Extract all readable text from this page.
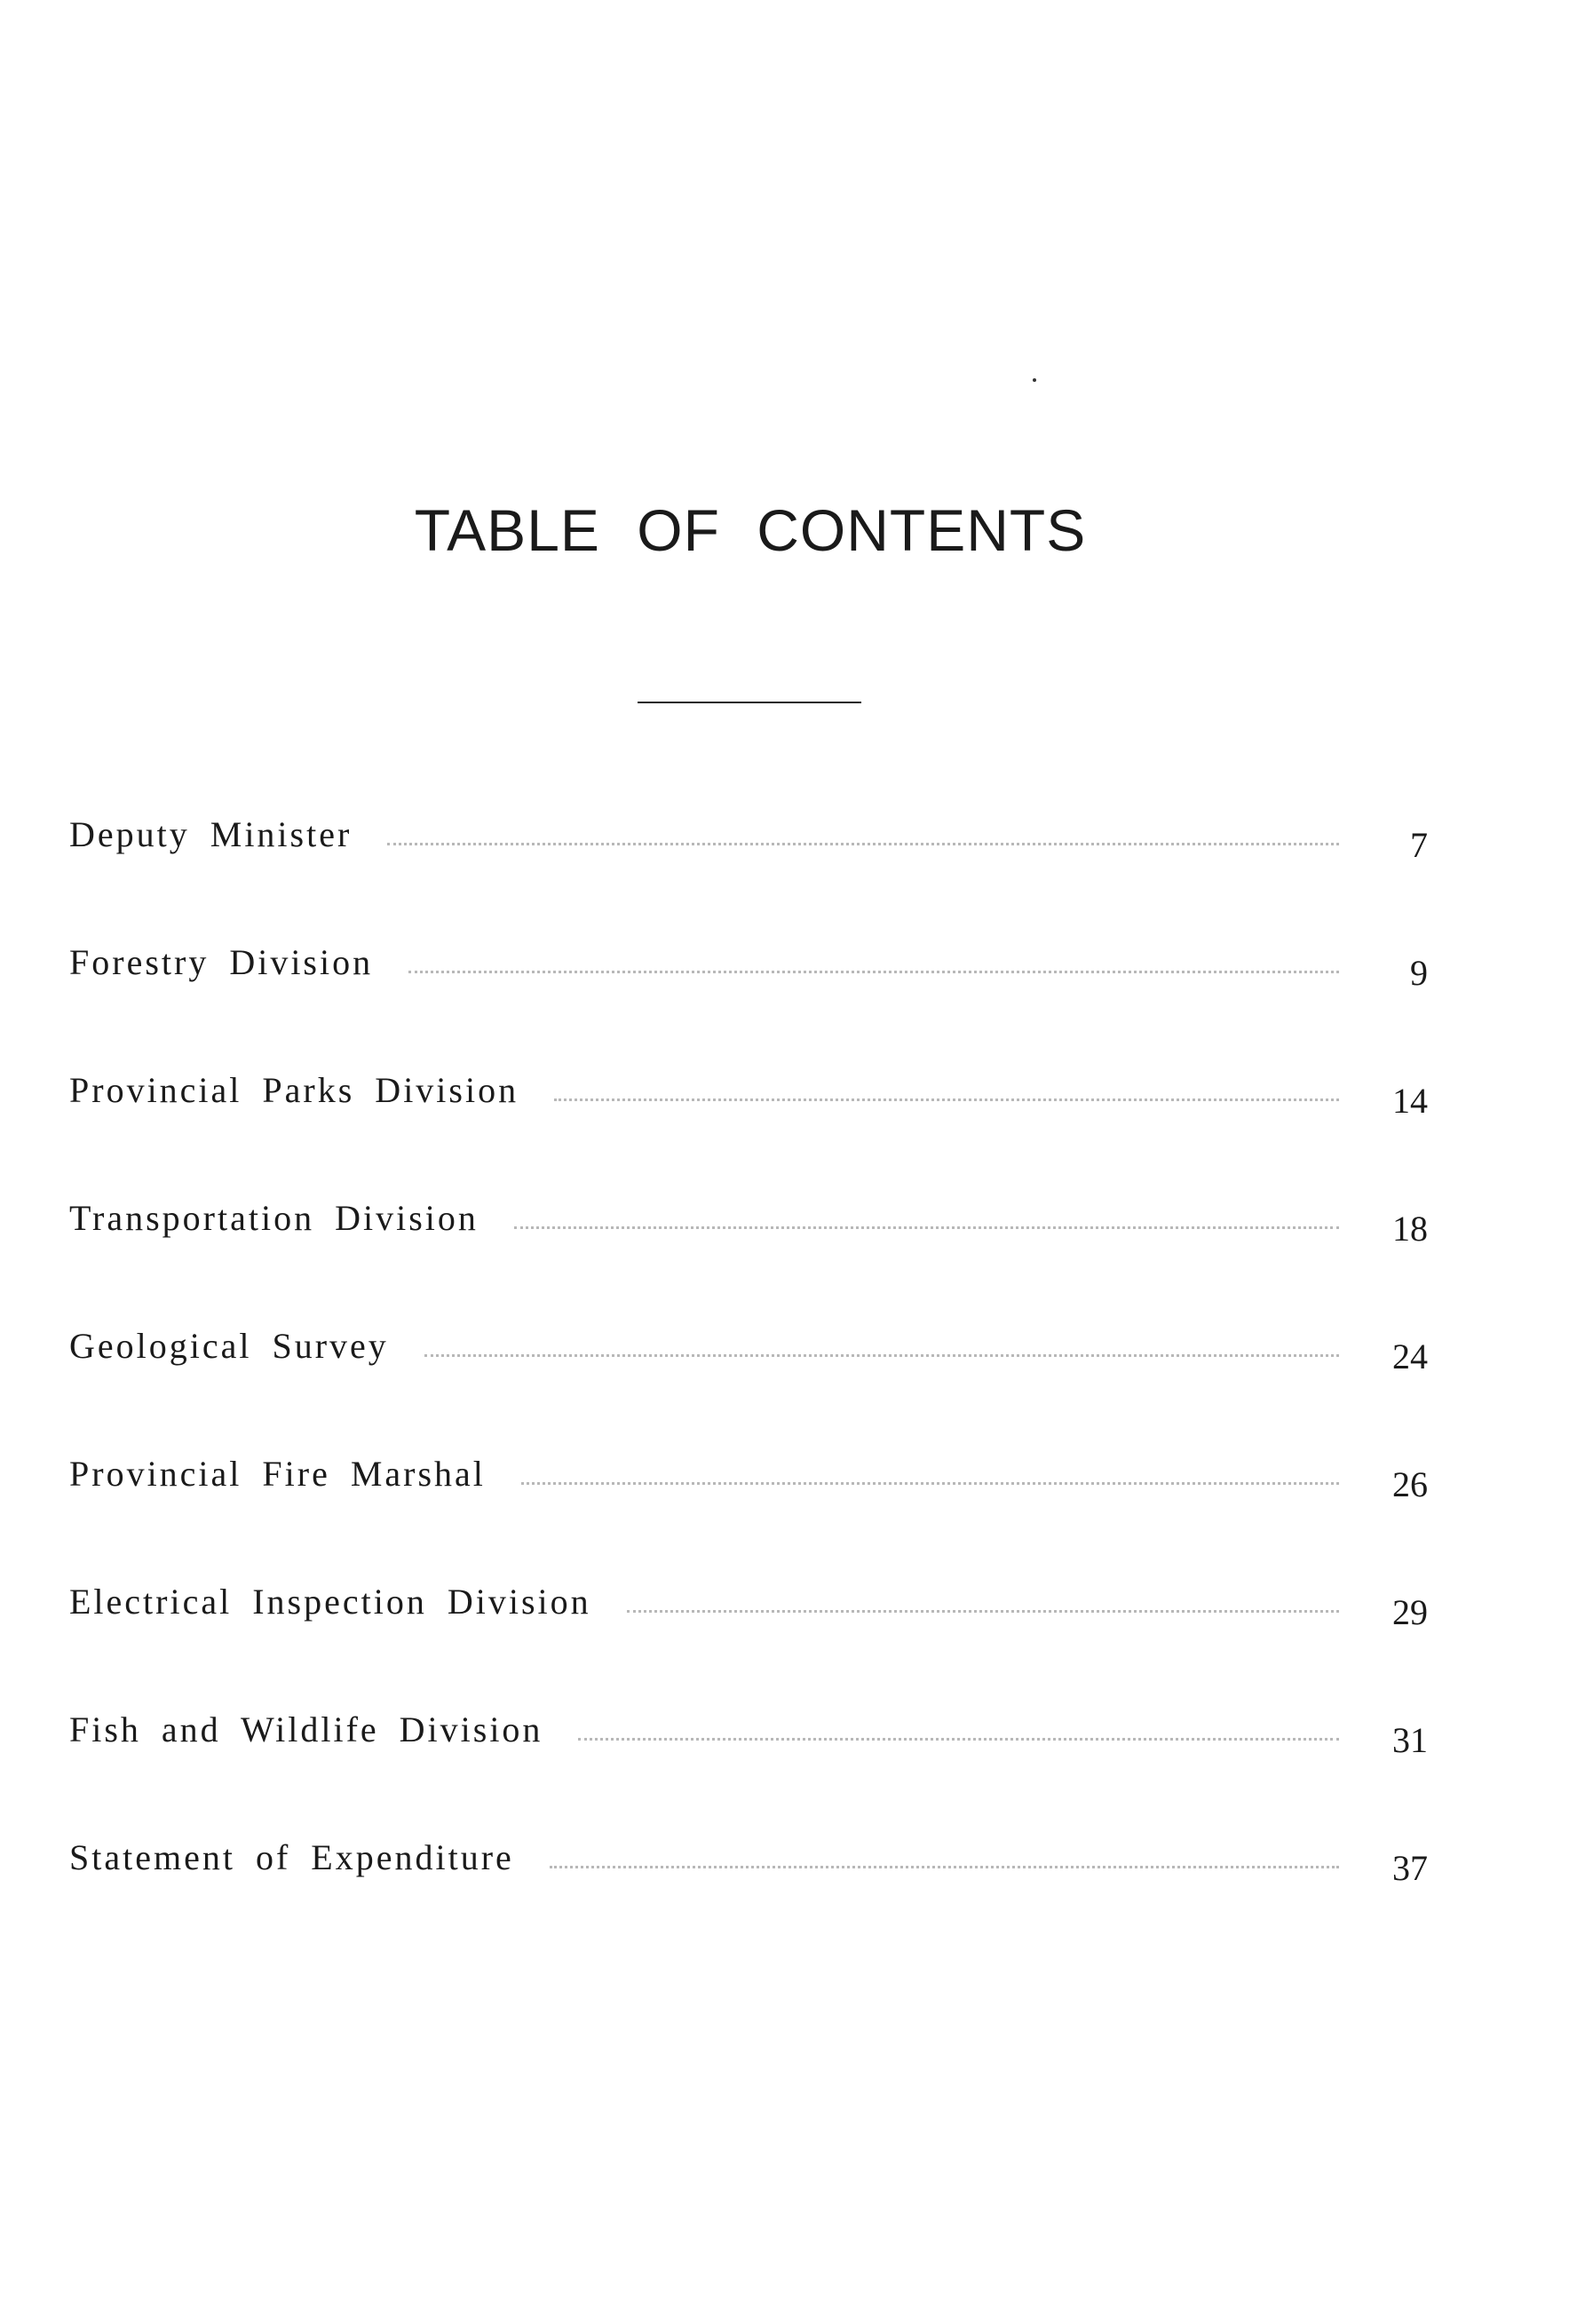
TABLE OF CONTENTS
Deputy Minister	7
Forestry Division	9
Provincial Parks Division	14
Transportation Division	18
Geological Survey	24
Provincial Fire Marshal	26
Electrical Inspection Division	29
Fish and Wildlife Division	31
Statement of Expenditure	37
